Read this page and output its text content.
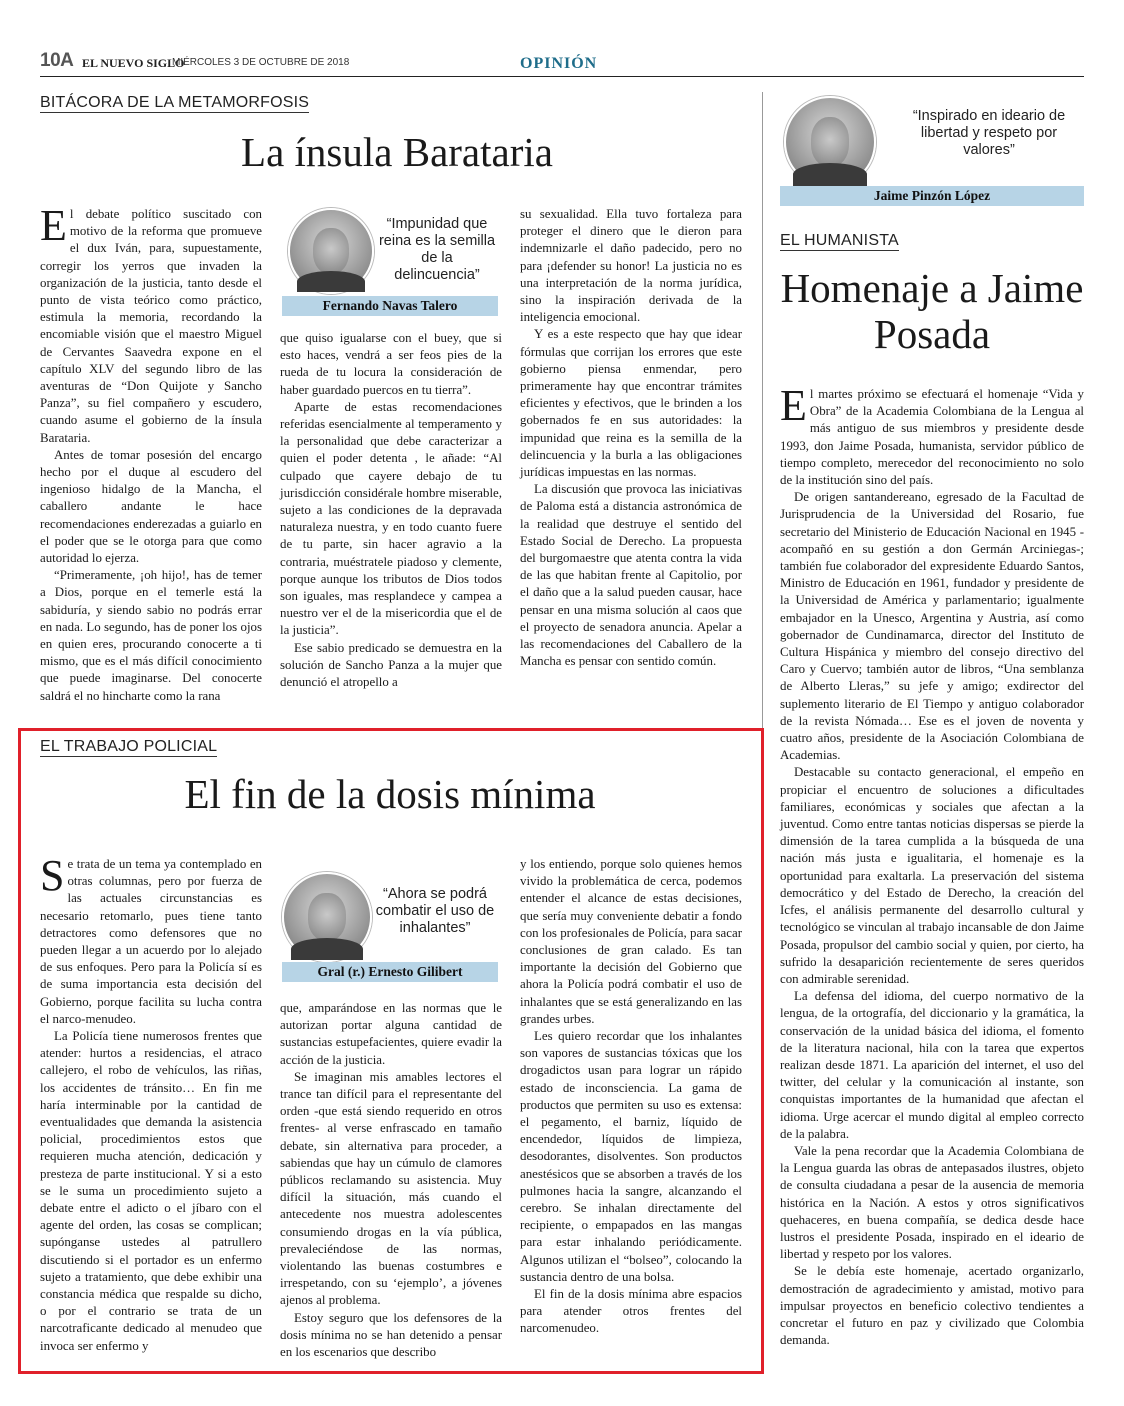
10A EL NUEVO SIGLO
MIÉRCOLES 3 DE OCTUBRE DE 2018	OPINIÓN
BITÁCORA DE LA METAMORFOSIS
La ínsula Barataria

El debate político suscitado con motivo de la reforma que promueve el dux Iván, para, supuestamente, corregir los yerros que invaden la organización de la justicia, tanto desde el punto de vista teórico como práctico, estimula la memoria, recordando la encomiable visión que el maestro Miguel de Cervantes Saavedra expone en el capítulo XLV del segundo libro de las aventuras de “Don Quijote y Sancho Panza”, su fiel compañero y escudero, cuando asume el gobierno de la ínsula Barataria.

Antes de tomar posesión del encargo hecho por el duque al escudero del ingenioso hidalgo de la Mancha, el caballero andante le hace recomendaciones enderezadas a guiarlo en el poder que se le otorga para que como autoridad lo ejerza.

“Primeramente, ¡oh hijo!, has de temer a Dios, porque en el temerle está la sabiduría, y siendo sabio no podrás errar en nada. Lo segundo, has de poner los ojos en quien eres, procurando conocerte a ti mismo, que es el más difícil conocimiento que puede imaginarse. Del conocerte saldrá el no hincharte como la rana

“Impunidad que reina es la semilla de la delincuencia”
Fernando Navas Talero

que quiso igualarse con el buey, que si esto haces, vendrá a ser feos pies de la rueda de tu locura la consideración de haber guardado puercos en tu tierra”.

Aparte de estas recomendaciones referidas esencialmente al temperamento y la personalidad que debe caracterizar a quien el poder detenta , le añade: “Al culpado que cayere debajo de tu jurisdicción considérale hombre miserable, sujeto a las condiciones de la depravada naturaleza nuestra, y en todo cuanto fuere de tu parte, sin hacer agravio a la contraria, muéstratele piadoso y clemente, porque aunque los tributos de Dios todos son iguales, mas resplandece y campea a nuestro ver el de la misericordia que el de la justicia”.

Ese sabio predicado se demuestra en la solución de Sancho Panza a la mujer que denunció el atropello a

su sexualidad. Ella tuvo fortaleza para proteger el dinero que le dieron para indemnizarle el daño padecido, pero no para ¡defender su honor! La justicia no es una interpretación de la norma jurídica, sino la inspiración derivada de la inteligencia emocional.

Y es a este respecto que hay que idear fórmulas que corrijan los errores que este gobierno piensa enmendar, pero primeramente hay que encontrar trámites eficientes y efectivos, que le brinden a los gobernados fe en sus autoridades: la impunidad que reina es la semilla de la delincuencia y la burla a las obligaciones jurídicas impuestas en las normas.

La discusión que provoca las iniciativas de Paloma está a distancia astronómica de la realidad que destruye el sentido del Estado Social de Derecho. La propuesta del burgomaestre que atenta contra la vida de las que habitan frente al Capitolio, por el daño que a la salud pueden causar, hace pensar en una misma solución al caos que el proyecto de senadora anuncia. Apelar a las recomendaciones del Caballero de la Mancha es pensar con sentido común.

EL TRABAJO POLICIAL
El fin de la dosis mínima

Se trata de un tema ya contemplado en otras columnas, pero por fuerza de las actuales circunstancias es necesario retomarlo, pues tiene tanto detractores como defensores que no pueden llegar a un acuerdo por lo alejado de sus enfoques. Pero para la Policía sí es de suma importancia esta decisión del Gobierno, porque facilita su lucha contra el narco-menudeo.

La Policía tiene numerosos frentes que atender: hurtos a residencias, el atraco callejero, el robo de vehículos, las riñas, los accidentes de tránsito… En fin me haría interminable por la cantidad de eventualidades que demanda la asistencia policial, procedimientos estos que requieren mucha atención, dedicación y presteza de parte institucional. Y si a esto se le suma un procedimiento sujeto a debate entre el adicto o el jíbaro con el agente del orden, las cosas se complican; supónganse ustedes al patrullero discutiendo si el portador es un enfermo sujeto a tratamiento, que debe exhibir una constancia médica que respalde su dicho, o por el contrario se trata de un narcotraficante dedicado al menudeo que invoca ser enfermo y

“Ahora se podrá combatir el uso de inhalantes”
Gral (r.) Ernesto Gilibert

que, amparándose en las normas que le autorizan portar alguna cantidad de sustancias estupefacientes, quiere evadir la acción de la justicia.

Se imaginan mis amables lectores el trance tan difícil para el representante del orden -que está siendo requerido en otros frentes- al verse enfrascado en tamaño debate, sin alternativa para proceder, a sabiendas que hay un cúmulo de clamores públicos reclamando su asistencia. Muy difícil la situación, más cuando el antecedente nos muestra adolescentes consumiendo drogas en la vía pública, prevaleciéndose de las normas, violentando las buenas costumbres e irrespetando, con su ‘ejemplo’, a jóvenes ajenos al problema.

Estoy seguro que los defensores de la dosis mínima no se han detenido a pensar en los escenarios que describo

y los entiendo, porque solo quienes hemos vivido la problemática de cerca, podemos entender el alcance de estas decisiones, que sería muy conveniente debatir a fondo con los profesionales de Policía, para sacar conclusiones de gran calado. Es tan importante la decisión del Gobierno que ahora la Policía podrá combatir el uso de inhalantes que se está generalizando en las grandes urbes.

Les quiero recordar que los inhalantes son vapores de sustancias tóxicas que los drogadictos usan para lograr un rápido estado de inconsciencia. La gama de productos que permiten su uso es extensa: el pegamento, el barniz, líquido de encendedor, líquidos de limpieza, desodorantes, disolventes. Son productos anestésicos que se absorben a través de los pulmones hacia la sangre, alcanzando el cerebro. Se inhalan directamente del recipiente, o empapados en las mangas para estar inhalando periódicamente. Algunos utilizan el “bolseo”, colocando la sustancia dentro de una bolsa.

El fin de la dosis mínima abre espacios para atender otros frentes del narcomenudeo.

“Inspirado en ideario de libertad y respeto por valores”
Jaime Pinzón López
EL HUMANISTA
Homenaje a Jaime Posada

El martes próximo se efectuará el homenaje “Vida y Obra” de la Academia Colombiana de la Lengua al más antiguo de sus miembros y presidente desde 1993, don Jaime Posada, humanista, servidor público de tiempo completo, merecedor del reconocimiento no solo de la institución sino del país.

De origen santandereano, egresado de la Facultad de Jurisprudencia de la Universidad del Rosario, fue secretario del Ministerio de Educación Nacional en 1945 -acompañó en su gestión a don Germán Arciniegas-; también fue colaborador del expresidente Eduardo Santos, Ministro de Educación en 1961, fundador y presidente de la Universidad de América y parlamentario; igualmente embajador en la Unesco, Argentina y Austria, así como gobernador de Cundinamarca, director del Instituto de Cultura Hispánica y miembro del consejo directivo del Caro y Cuervo; también autor de libros, “Una semblanza de Alberto Lleras,” su jefe y amigo; exdirector del suplemento literario de El Tiempo y antiguo colaborador de la revista Nómada… Ese es el joven de noventa y cuatro años, presidente de la Asociación Colombiana de Academias.

Destacable su contacto generacional, el empeño en propiciar el encuentro de soluciones a dificultades familiares, económicas y sociales que afectan a la juventud. Como entre tantas noticias dispersas se pierde la dimensión de la tarea cumplida a la búsqueda de una nación más justa e igualitaria, el homenaje es la oportunidad para exaltarla. La preservación del sistema democrático y del Estado de Derecho, la creación del Icfes, el análisis permanente del desarrollo cultural y tecnológico se vinculan al trabajo incansable de don Jaime Posada, propulsor del cambio social y quien, por cierto, ha sufrido la desaparición recientemente de seres queridos con admirable serenidad.

La defensa del idioma, del cuerpo normativo de la lengua, de la ortografía, del diccionario y la gramática, la conservación de la unidad básica del idioma, el fomento de la literatura nacional, hila con la tarea que expertos realizan desde 1871. La aparición del internet, el uso del twitter, del celular y la comunicación al instante, son conquistas importantes de la humanidad que afectan el idioma. Urge acercar el mundo digital al empleo correcto de la palabra.

Vale la pena recordar que la Academia Colombiana de la Lengua guarda las obras de antepasados ilustres, objeto de consulta ciudadana a pesar de la ausencia de memoria histórica en la Nación. A estos y otros significativos quehaceres, en buena compañía, se dedica desde hace lustros el presidente Posada, inspirado en el ideario de libertad y respeto por los valores.

Se le debía este homenaje, acertado organizarlo, demostración de agradecimiento y amistad, motivo para impulsar proyectos en beneficio colectivo tendientes a concretar el futuro en paz y civilizado que Colombia demanda.
